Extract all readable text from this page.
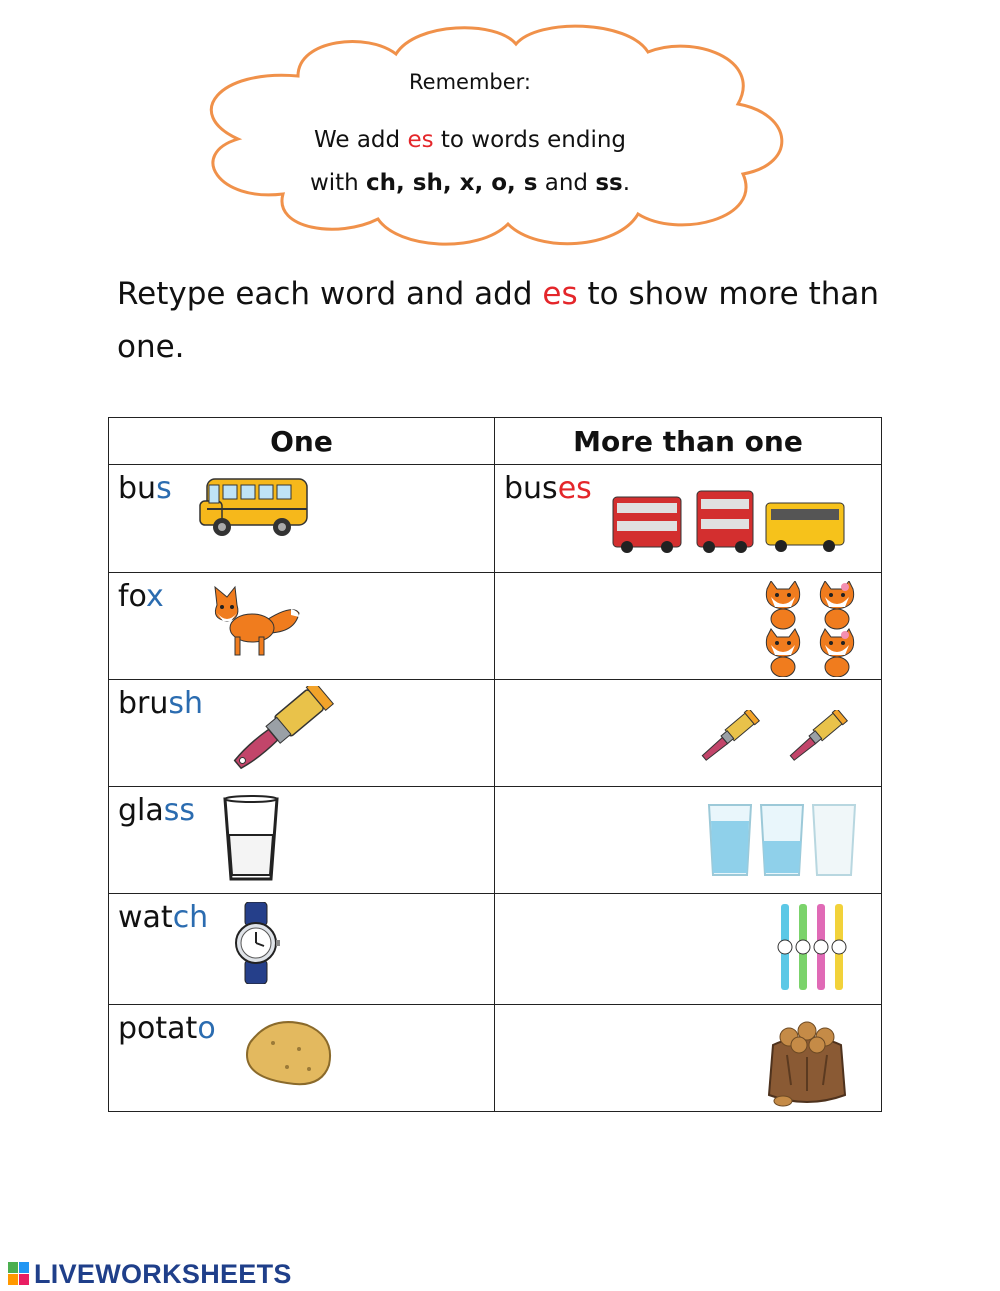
Remember:
We add es to words ending
with ch, sh, x, o, s and ss.
Retype each word and add es to show more than one.
One	More than one

bus	buses

fox

brush

glass

watch

potato

LIVEWORKSHEETS
